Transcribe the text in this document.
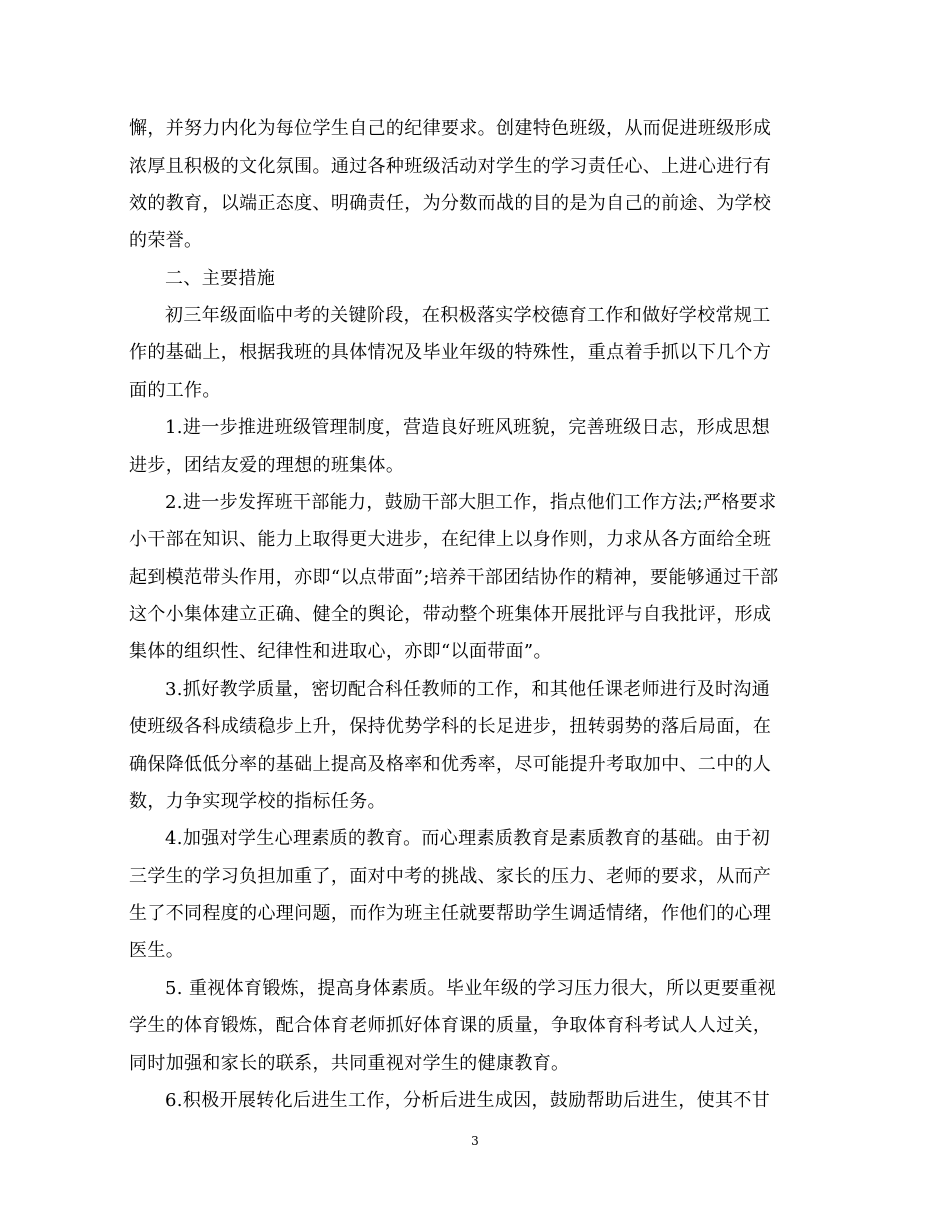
懈，并努力内化为每位学生自己的纪律要求。创建特色班级，从而促进班级形成
浓厚且积极的文化氛围。通过各种班级活动对学生的学习责任心、上进心进行有
效的教育，以端正态度、明确责任，为分数而战的目的是为自己的前途、为学校
的荣誉。
二、主要措施
初三年级面临中考的关键阶段，在积极落实学校德育工作和做好学校常规工
作的基础上，根据我班的具体情况及毕业年级的特殊性，重点着手抓以下几个方
面的工作。
1.进一步推进班级管理制度，营造良好班风班貌，完善班级日志，形成思想
进步，团结友爱的理想的班集体。
2.进一步发挥班干部能力，鼓励干部大胆工作，指点他们工作方法;严格要求
小干部在知识、能力上取得更大进步，在纪律上以身作则，力求从各方面给全班
起到模范带头作用，亦即“以点带面”;培养干部团结协作的精神，要能够通过干部
这个小集体建立正确、健全的舆论，带动整个班集体开展批评与自我批评，形成
集体的组织性、纪律性和进取心，亦即“以面带面”。
3.抓好教学质量，密切配合科任教师的工作，和其他任课老师进行及时沟通
使班级各科成绩稳步上升，保持优势学科的长足进步，扭转弱势的落后局面，在
确保降低低分率的基础上提高及格率和优秀率，尽可能提升考取加中、二中的人
数，力争实现学校的指标任务。
4.加强对学生心理素质的教育。而心理素质教育是素质教育的基础。由于初
三学生的学习负担加重了，面对中考的挑战、家长的压力、老师的要求，从而产
生了不同程度的心理问题，而作为班主任就要帮助学生调适情绪，作他们的心理
医生。
5. 重视体育锻炼，提高身体素质。毕业年级的学习压力很大，所以更要重视
学生的体育锻炼，配合体育老师抓好体育课的质量，争取体育科考试人人过关，
同时加强和家长的联系，共同重视对学生的健康教育。
6.积极开展转化后进生工作，分析后进生成因，鼓励帮助后进生，使其不甘
3
